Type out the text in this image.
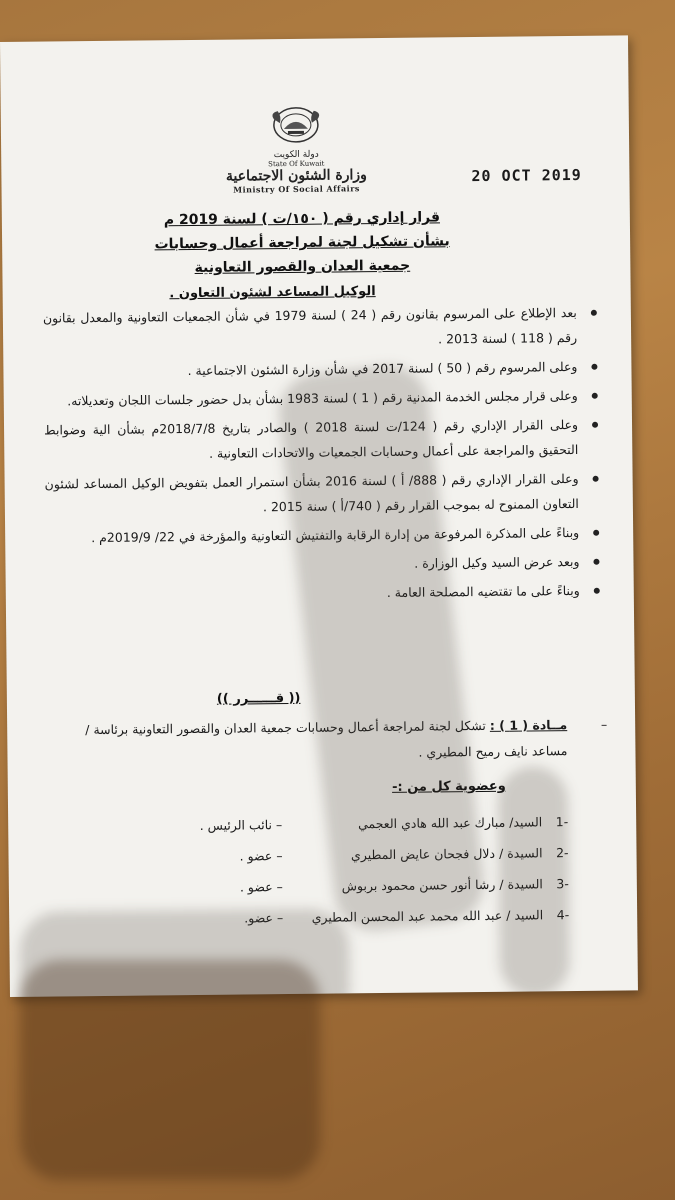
دولة الكويت
State Of Kuwait
وزارة الشئون الاجتماعية
Ministry Of Social Affairs
20 OCT 2019
قرار إداري رقم ( ١٥٠/ت ) لسنة 2019 م
بشأن تشكيل لجنة لمراجعة أعمال وحسابات
جمعية العدان والقصور التعاونية
الوكيل المساعد لشئون التعاون .
بعد الإطلاع على المرسوم بقانون رقم ( 24 ) لسنة 1979 في شأن الجمعيات التعاونية والمعدل بقانون رقم ( 118 ) لسنة 2013 .
وعلى المرسوم رقم ( 50 ) لسنة 2017 في شأن وزارة الشئون الاجتماعية .
وعلى قرار مجلس الخدمة المدنية رقم ( 1 ) لسنة 1983 بشأن بدل حضور جلسات اللجان وتعديلاته.
وعلى القرار الإداري رقم ( 124/ت لسنة 2018 ) والصادر بتاريخ 2018/7/8م بشأن الية وضوابط التحقيق والمراجعة على أعمال وحسابات الجمعيات والاتحادات التعاونية .
وعلى القرار الإداري رقم ( 888/ أ ) لسنة 2016 بشأن استمرار العمل بتفويض الوكيل المساعد لشئون التعاون الممنوح له بموجب القرار رقم ( 740/أ ) سنة 2015 .
وبناءً على المذكرة المرفوعة من إدارة الرقابة والتفتيش التعاونية والمؤرخة في 22/ 2019/9م .
وبعد عرض السيد وكيل الوزارة .
وبناءً على ما تقتضيه المصلحة العامة .
(( قــــــرر ))
–
مــادة ( 1 ) : تشكل لجنة لمراجعة أعمال وحسابات جمعية العدان والقصور التعاونية برئاسة / مساعد نايف رميح المطيري .
وعضوية كل من :-
-1
السيد/ مبارك عبد الله هادي العجمي
– نائب الرئيس .
-2
السيدة / دلال فجحان عايض المطيري
– عضو .
-3
السيدة / رشا أنور حسن محمود بربوش
– عضو .
-4
السيد / عبد الله محمد عبد المحسن المطيري
– عضو.
